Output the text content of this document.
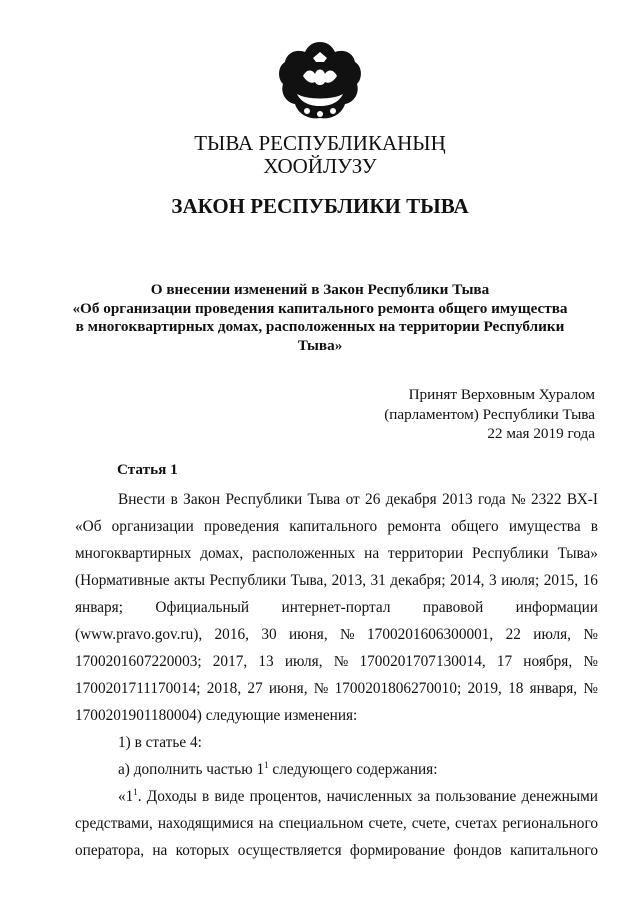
ТЫВА РЕСПУБЛИКАНЫҢ
ХООЙЛУЗУ
ЗАКОН РЕСПУБЛИКИ ТЫВА
О внесении изменений в Закон Республики Тыва
«Об организации проведения капитального ремонта общего имущества
в многоквартирных домах, расположенных на территории Республики
Тыва»
Принят Верховным Хуралом
(парламентом) Республики Тыва
22 мая 2019 года
Статья 1
Внести в Закон Республики Тыва от 26 декабря 2013 года № 2322 ВХ-I
«Об организации проведения капитального ремонта общего имущества в
многоквартирных домах, расположенных на территории Республики Тыва»
(Нормативные акты Республики Тыва, 2013, 31 декабря; 2014, 3 июля; 2015, 16
января; Официальный интернет-портал правовой информации
(www.pravo.gov.ru), 2016, 30 июня, № 1700201606300001, 22 июля, №
1700201607220003; 2017, 13 июля, № 1700201707130014, 17 ноября, №
1700201711170014; 2018, 27 июня, № 1700201806270010; 2019, 18 января, №
1700201901180004) следующие изменения:
1) в статье 4:
а) дополнить частью $1^1$ следующего содержания:
«$1^1$. Доходы в виде процентов, начисленных за пользование денежными
средствами, находящимися на специальном счете, счете, счетах регионального
оператора, на которых осуществляется формирование фондов капитального
